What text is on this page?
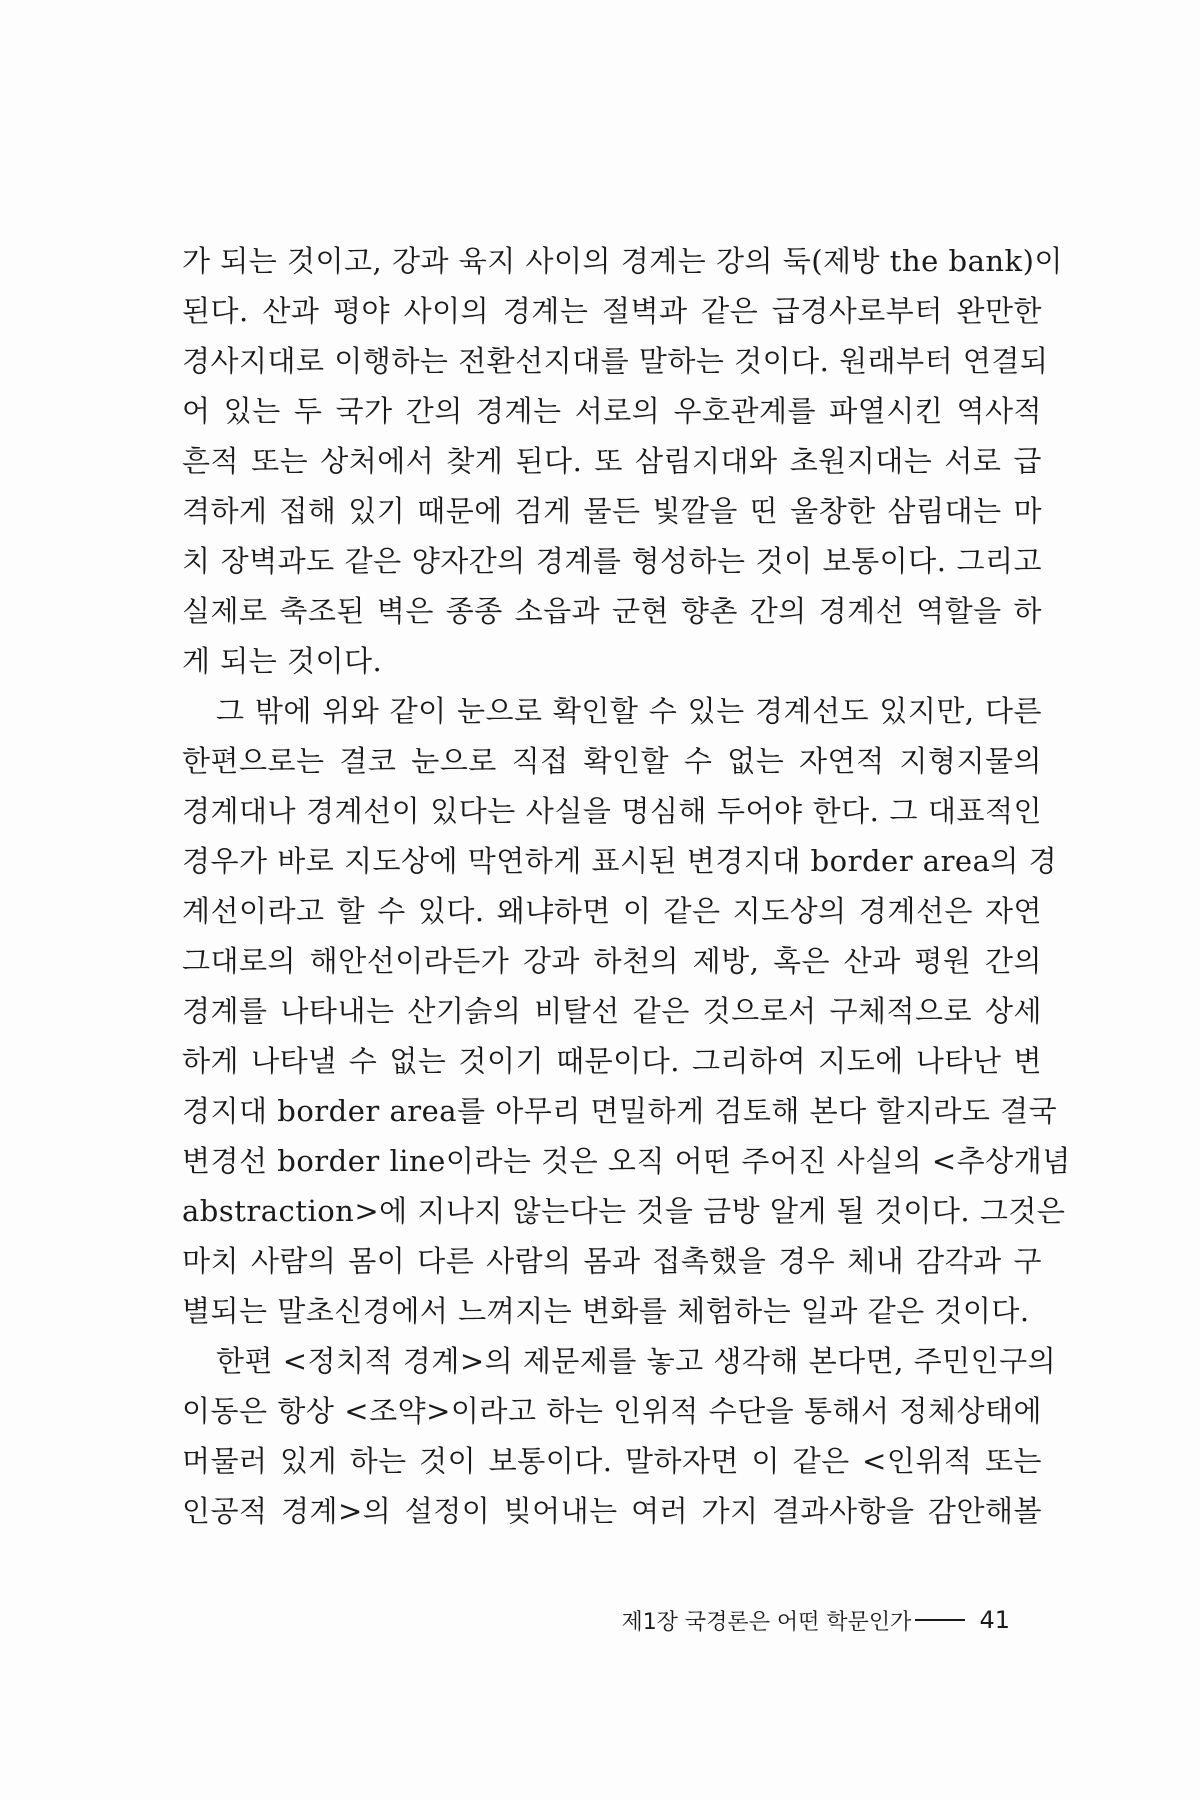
가 되는 것이고, 강과 육지 사이의 경계는 강의 둑(제방 the bank)이
된다. 산과 평야 사이의 경계는 절벽과 같은 급경사로부터 완만한
경사지대로 이행하는 전환선지대를 말하는 것이다. 원래부터 연결되
어 있는 두 국가 간의 경계는 서로의 우호관계를 파열시킨 역사적
흔적 또는 상처에서 찾게 된다. 또 삼림지대와 초원지대는 서로 급
격하게 접해 있기 때문에 검게 물든 빛깔을 띤 울창한 삼림대는 마
치 장벽과도 같은 양자간의 경계를 형성하는 것이 보통이다. 그리고
실제로 축조된 벽은 종종 소읍과 군현 향촌 간의 경계선 역할을 하
게 되는 것이다.
그 밖에 위와 같이 눈으로 확인할 수 있는 경계선도 있지만, 다른
한편으로는 결코 눈으로 직접 확인할 수 없는 자연적 지형지물의
경계대나 경계선이 있다는 사실을 명심해 두어야 한다. 그 대표적인
경우가 바로 지도상에 막연하게 표시된 변경지대 border area의 경
계선이라고 할 수 있다. 왜냐하면 이 같은 지도상의 경계선은 자연
그대로의 해안선이라든가 강과 하천의 제방, 혹은 산과 평원 간의
경계를 나타내는 산기슭의 비탈선 같은 것으로서 구체적으로 상세
하게 나타낼 수 없는 것이기 때문이다. 그리하여 지도에 나타난 변
경지대 border area를 아무리 면밀하게 검토해 본다 할지라도 결국
변경선 border line이라는 것은 오직 어떤 주어진 사실의 <추상개념
abstraction>에 지나지 않는다는 것을 금방 알게 될 것이다. 그것은
마치 사람의 몸이 다른 사람의 몸과 접촉했을 경우 체내 감각과 구
별되는 말초신경에서 느껴지는 변화를 체험하는 일과 같은 것이다.
한편 <정치적 경계>의 제문제를 놓고 생각해 본다면, 주민인구의
이동은 항상 <조약>이라고 하는 인위적 수단을 통해서 정체상태에
머물러 있게 하는 것이 보통이다. 말하자면 이 같은 <인위적 또는
인공적 경계>의 설정이 빚어내는 여러 가지 결과사항을 감안해볼
제1장 국경론은 어떤 학문인가	41
